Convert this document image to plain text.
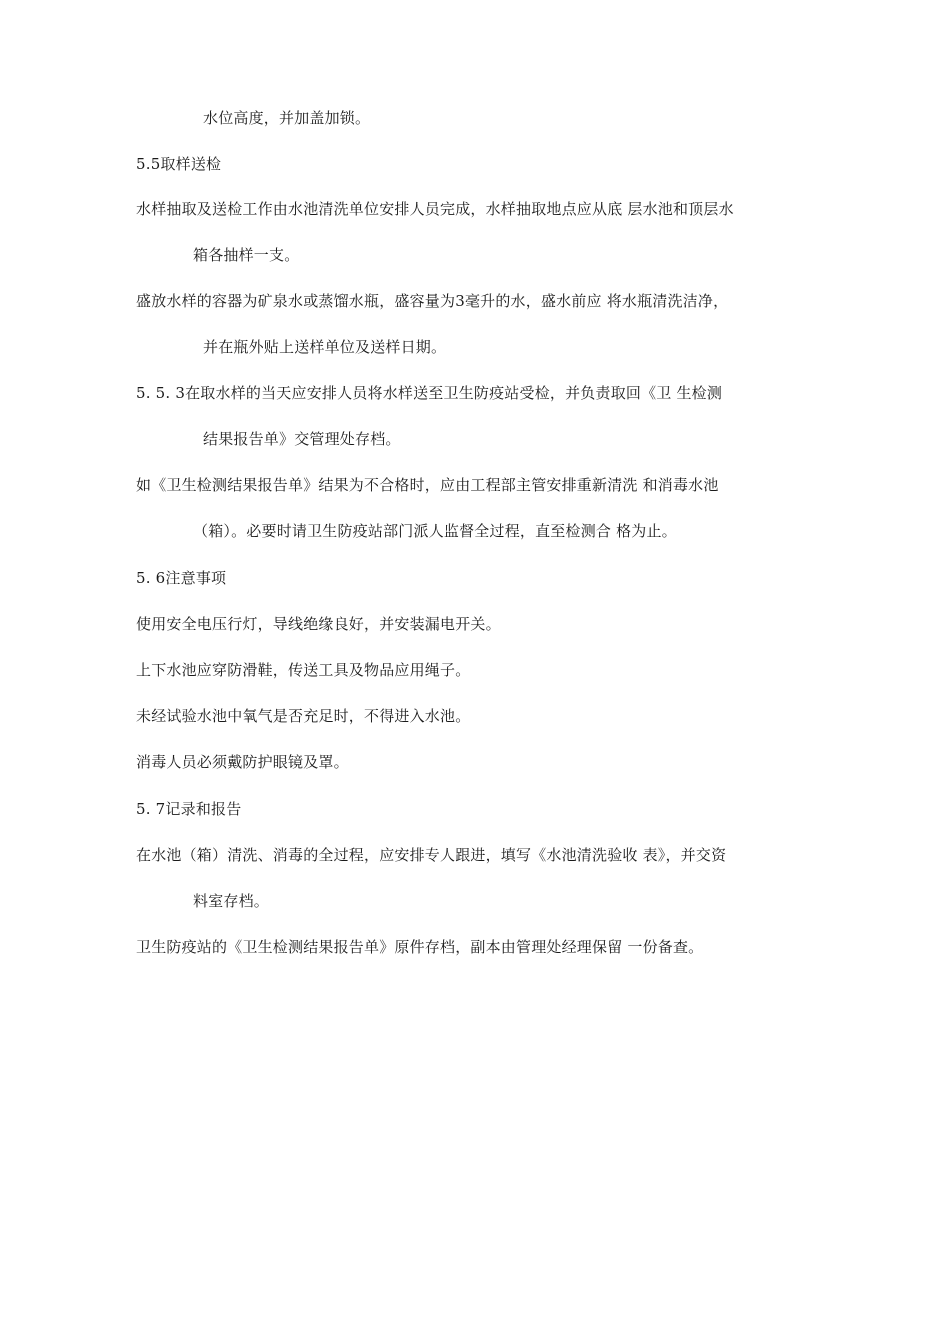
水位高度，并加盖加锁。
5.5取样送检
水样抽取及送检工作由水池清洗单位安排人员完成，水样抽取地点应从底 层水池和顶层水
箱各抽样一支。
盛放水样的容器为矿泉水或蒸馏水瓶，盛容量为3毫升的水，盛水前应 将水瓶清洗洁净，
并在瓶外贴上送样单位及送样日期。
5. 5. 3在取水样的当天应安排人员将水样送至卫生防疫站受检，并负责取回《卫 生检测
结果报告单》交管理处存档。
如《卫生检测结果报告单》结果为不合格时，应由工程部主管安排重新清洗 和消毒水池
（箱）。必要时请卫生防疫站部门派人监督全过程，直至检测合 格为止。
5. 6注意事项
使用安全电压行灯，导线绝缘良好，并安装漏电开关。
上下水池应穿防滑鞋，传送工具及物品应用绳子。
未经试验水池中氧气是否充足时，不得进入水池。
消毒人员必须戴防护眼镜及罩。
5. 7记录和报告
在水池（箱）清洗、消毒的全过程，应安排专人跟进，填写《水池清洗验收 表》，并交资
料室存档。
卫生防疫站的《卫生检测结果报告单》原件存档，副本由管理处经理保留 一份备查。
